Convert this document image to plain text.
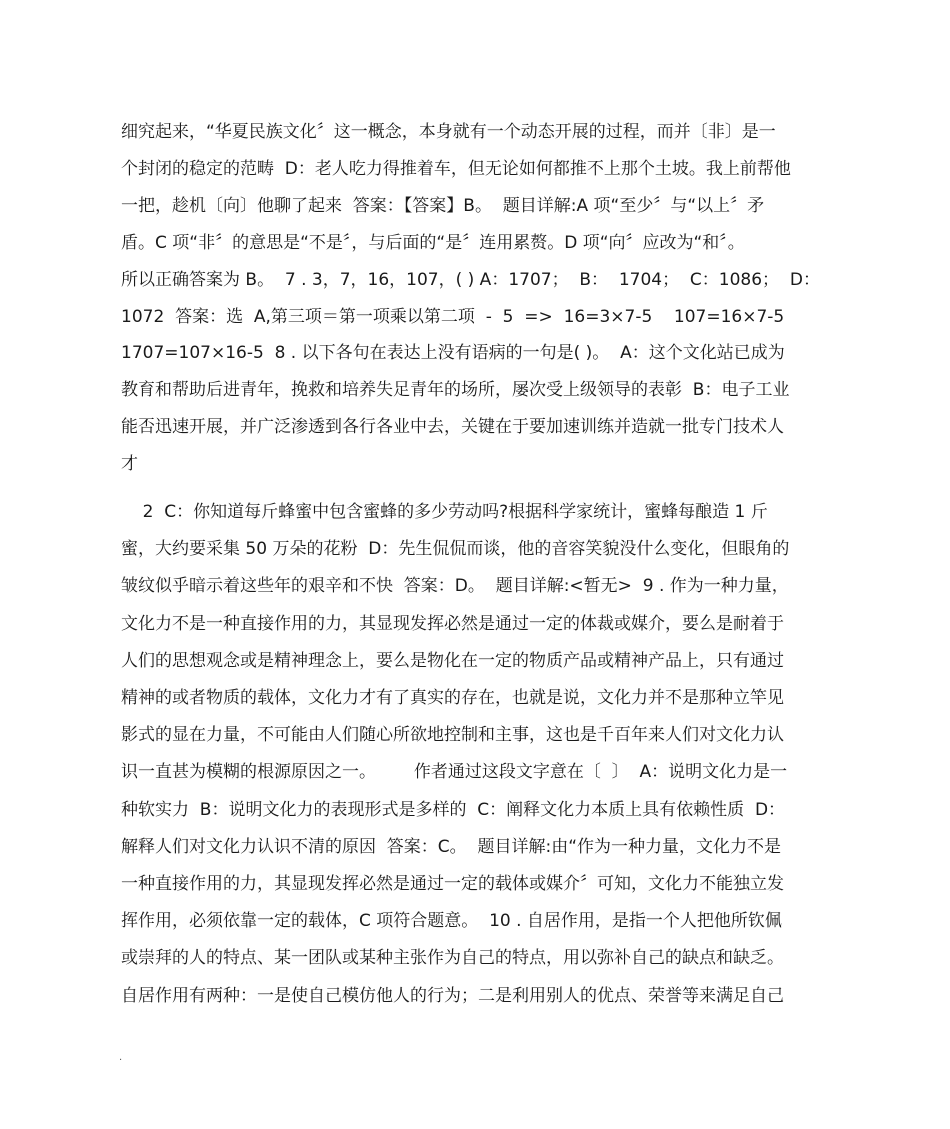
细究起来，“华夏民族文化〞这一概念，本身就有一个动态开展的过程，而并〔非〕是一
个封闭的稳定的范畴  D：老人吃力得推着车，但无论如何都推不上那个土坡。我上前帮他
一把，趁机〔向〕他聊了起来  答案：【答案】B。  题目详解:A 项“至少〞与“以上〞矛
盾。C 项“非〞的意思是“不是〞，与后面的“是〞连用累赘。D 项“向〞应改为“和〞。
所以正确答案为 B。  7 . 3，7，16，107，( ) A：1707；  B：  1704；  C：1086；  D：
1072  答案：选  A,第三项＝第一项乘以第二项  -  5  =>  16=3×7-5    107=16×7-5
1707=107×16-5  8 . 以下各句在表达上没有语病的一句是( )。  A：这个文化站已成为
教育和帮助后进青年，挽救和培养失足青年的场所，屡次受上级领导的表彰  B：电子工业
能否迅速开展，并广泛渗透到各行各业中去，关键在于要加速训练并造就一批专门技术人
才
2  C：你知道每斤蜂蜜中包含蜜蜂的多少劳动吗?根据科学家统计，蜜蜂每酿造 1 斤
蜜，大约要采集 50 万朵的花粉  D：先生侃侃而谈，他的音容笑貌没什么变化，但眼角的
皱纹似乎暗示着这些年的艰辛和不快  答案：D。  题目详解:<暂无>  9 . 作为一种力量，
文化力不是一种直接作用的力，其显现发挥必然是通过一定的体裁或媒介，要么是耐着于
人们的思想观念或是精神理念上，要么是物化在一定的物质产品或精神产品上，只有通过
精神的或者物质的载体，文化力才有了真实的存在，也就是说，文化力并不是那种立竿见
影式的显在力量，不可能由人们随心所欲地控制和主事，这也是千百年来人们对文化力认
识一直甚为模糊的根源原因之一。       作者通过这段文字意在〔  〕  A：说明文化力是一
种软实力  B：说明文化力的表现形式是多样的  C：阐释文化力本质上具有依赖性质  D：
解释人们对文化力认识不清的原因  答案：C。  题目详解:由“作为一种力量，文化力不是
一种直接作用的力，其显现发挥必然是通过一定的载体或媒介〞可知，文化力不能独立发
挥作用，必须依靠一定的载体，C 项符合题意。  10 . 自居作用，是指一个人把他所钦佩
或崇拜的人的特点、某一团队或某种主张作为自己的特点，用以弥补自己的缺点和缺乏。
自居作用有两种：一是使自己模仿他人的行为；二是利用别人的优点、荣誉等来满足自己
.
